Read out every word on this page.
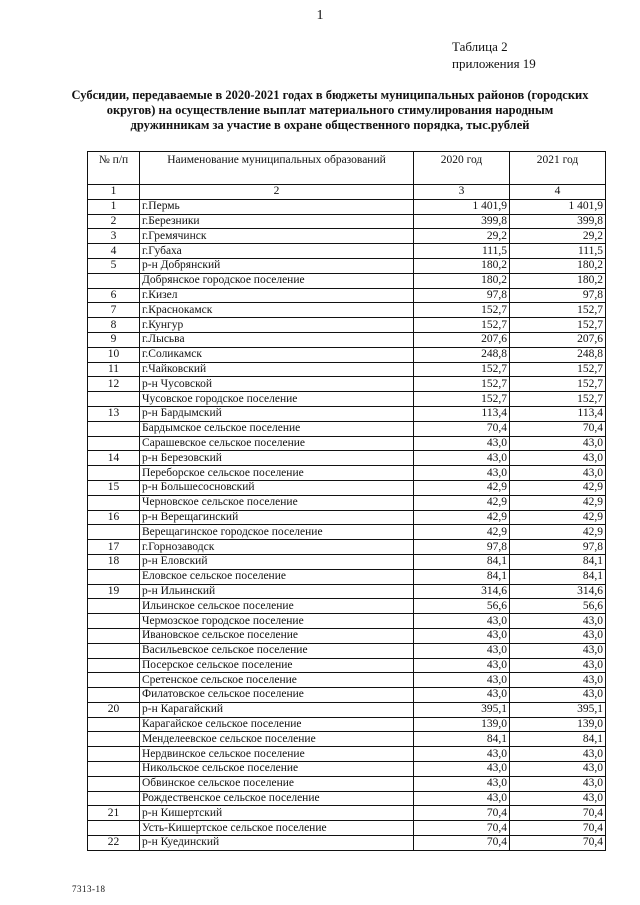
1
Таблица 2
приложения 19
Субсидии, передаваемые в 2020-2021 годах в бюджеты муниципальных районов (городских округов) на осуществление выплат материального стимулирования народным дружинникам за участие в охране общественного порядка, тыс.рублей
№ п/п	Наименование муниципальных образований	2020 год	2021 год
1	2	3	4
1	г.Пермь	1 401,9	1 401,9
2	г.Березники	399,8	399,8
3	г.Гремячинск	29,2	29,2
4	г.Губаха	111,5	111,5
5	р-н Добрянский	180,2	180,2
	Добрянское городское поселение	180,2	180,2
6	г.Кизел	97,8	97,8
7	г.Краснокамск	152,7	152,7
8	г.Кунгур	152,7	152,7
9	г.Лысьва	207,6	207,6
10	г.Соликамск	248,8	248,8
11	г.Чайковский	152,7	152,7
12	р-н Чусовской	152,7	152,7
	Чусовское городское поселение	152,7	152,7
13	р-н Бардымский	113,4	113,4
	Бардымское сельское поселение	70,4	70,4
	Сарашевское сельское поселение	43,0	43,0
14	р-н Березовский	43,0	43,0
	Переборское сельское поселение	43,0	43,0
15	р-н Большесосновский	42,9	42,9
	Черновское сельское поселение	42,9	42,9
16	р-н Верещагинский	42,9	42,9
	Верещагинское городское поселение	42,9	42,9
17	г.Горнозаводск	97,8	97,8
18	р-н Еловский	84,1	84,1
	Еловское сельское поселение	84,1	84,1
19	р-н Ильинский	314,6	314,6
	Ильинское сельское поселение	56,6	56,6
	Чермозское городское поселение	43,0	43,0
	Ивановское сельское поселение	43,0	43,0
	Васильевское сельское поселение	43,0	43,0
	Посерское сельское поселение	43,0	43,0
	Сретенское сельское поселение	43,0	43,0
	Филатовское сельское поселение	43,0	43,0
20	р-н Карагайский	395,1	395,1
	Карагайское сельское поселение	139,0	139,0
	Менделеевское сельское поселение	84,1	84,1
	Нердвинское сельское поселение	43,0	43,0
	Никольское сельское поселение	43,0	43,0
	Обвинское сельское поселение	43,0	43,0
	Рождественское сельское поселение	43,0	43,0
21	р-н Кишертский	70,4	70,4
	Усть-Кишертское сельское поселение	70,4	70,4
22	р-н Куединский	70,4	70,4
7313-18
